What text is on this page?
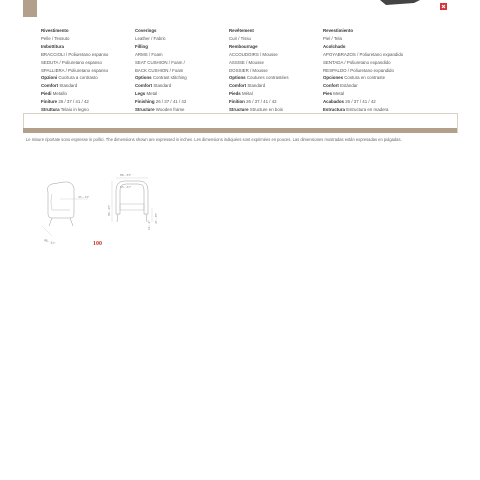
Rivestimento
Pelle / Tessuto
Imbottitura
BRACCIOLI / Poliuretano espanso
SEDUTA / Poliuretano espanso
SPALLIERA / Poliuretano espanso
Opzioni Cucitura a contrasto
Comfort Standard
Piedi Metallo
Finiture 26 / 37 / 41 / 42
Struttura Telaio in legno
Coverings
Leather / Fabric
Filling
ARMS / Foam
SEAT CUSHION / Foam /
BACK CUSHION / Foam
Options Contrast stitching
Comfort Standard
Legs Metal
Finishing 26 / 37 / 41 / 42
Structure Wooden frame
Revêtement
Cuir / Tissu
Rembourrage
ACCOUDOIRS / Mousse
ASSISE / Mousse
DOSSIER / Mousse
Options Coutures contrastées
Comfort Standard
Pieds Métal
Finition 26 / 37 / 41 / 42
Structure Structure en bois
Revestimiento
Piel / Tela
Acolchado
APOYABRAZOS / Poliuretano expandido
SENTADA / Poliuretano expandido
RESPALDO / Poliuretano expandido
Opciones Costura en contraste
Confort Estándar
Pies Metal
Acabados 26 / 37 / 41 / 42
Estructura Estructura en madera
Le misure riportate sono espresse in pollici. The dimensions shown are expressed in inches. Les dimensions indiquées sont exprimées en pouces. Las dimensiones mostradas están expresadas en pulgadas.
35 - 13"
86 - 33"
86 - 33"
53 - 21"
90 - 35"
47 - 18"
12 - 4"
100
